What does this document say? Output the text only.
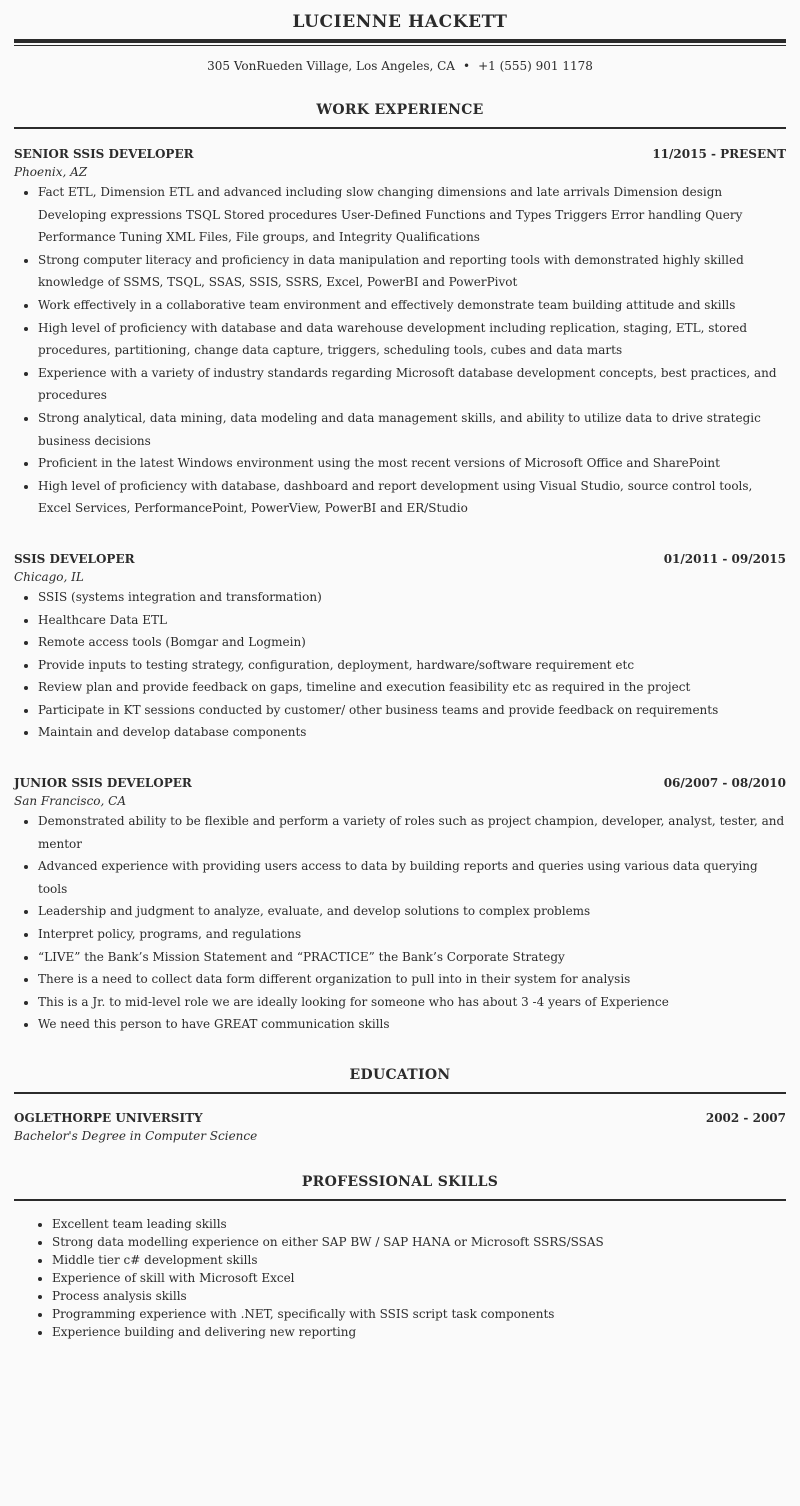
LUCIENNE HACKETT
305 VonRueden Village, Los Angeles, CA • +1 (555) 901 1178
WORK EXPERIENCE
SENIOR SSIS DEVELOPER	11/2015 - PRESENT
Phoenix, AZ
• Fact ETL, Dimension ETL and advanced including slow changing dimensions and late arrivals Dimension design Developing expressions TSQL Stored procedures User-Defined Functions and Types Triggers Error handling Query Performance Tuning XML Files, File groups, and Integrity Qualifications
• Strong computer literacy and proficiency in data manipulation and reporting tools with demonstrated highly skilled knowledge of SSMS, TSQL, SSAS, SSIS, SSRS, Excel, PowerBI and PowerPivot
• Work effectively in a collaborative team environment and effectively demonstrate team building attitude and skills
• High level of proficiency with database and data warehouse development including replication, staging, ETL, stored procedures, partitioning, change data capture, triggers, scheduling tools, cubes and data marts
• Experience with a variety of industry standards regarding Microsoft database development concepts, best practices, and procedures
• Strong analytical, data mining, data modeling and data management skills, and ability to utilize data to drive strategic business decisions
• Proficient in the latest Windows environment using the most recent versions of Microsoft Office and SharePoint
• High level of proficiency with database, dashboard and report development using Visual Studio, source control tools, Excel Services, PerformancePoint, PowerView, PowerBI and ER/Studio
SSIS DEVELOPER	01/2011 - 09/2015
Chicago, IL
• SSIS (systems integration and transformation)
• Healthcare Data ETL
• Remote access tools (Bomgar and Logmein)
• Provide inputs to testing strategy, configuration, deployment, hardware/software requirement etc
• Review plan and provide feedback on gaps, timeline and execution feasibility etc as required in the project
• Participate in KT sessions conducted by customer/ other business teams and provide feedback on requirements
• Maintain and develop database components
JUNIOR SSIS DEVELOPER	06/2007 - 08/2010
San Francisco, CA
• Demonstrated ability to be flexible and perform a variety of roles such as project champion, developer, analyst, tester, and mentor
• Advanced experience with providing users access to data by building reports and queries using various data querying tools
• Leadership and judgment to analyze, evaluate, and develop solutions to complex problems
• Interpret policy, programs, and regulations
• “LIVE” the Bank’s Mission Statement and “PRACTICE” the Bank’s Corporate Strategy
• There is a need to collect data form different organization to pull into in their system for analysis
• This is a Jr. to mid-level role we are ideally looking for someone who has about 3 -4 years of Experience
• We need this person to have GREAT communication skills
EDUCATION
OGLETHORPE UNIVERSITY	2002 - 2007
Bachelor's Degree in Computer Science
PROFESSIONAL SKILLS
• Excellent team leading skills
• Strong data modelling experience on either SAP BW / SAP HANA or Microsoft SSRS/SSAS
• Middle tier c# development skills
• Experience of skill with Microsoft Excel
• Process analysis skills
• Programming experience with .NET, specifically with SSIS script task components
• Experience building and delivering new reporting
